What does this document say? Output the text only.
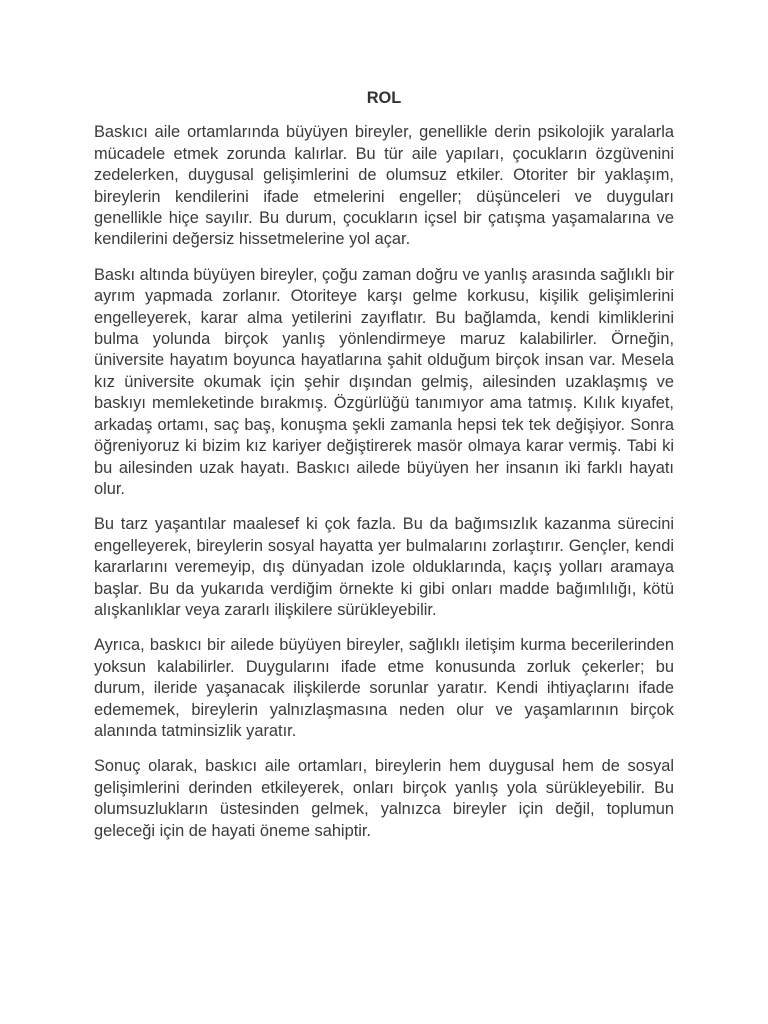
ROL

Baskıcı aile ortamlarında büyüyen bireyler, genellikle derin psikolojik yaralarla mücadele etmek zorunda kalırlar. Bu tür aile yapıları, çocukların özgüvenini zedelerken, duygusal gelişimlerini de olumsuz etkiler. Otoriter bir yaklaşım, bireylerin kendilerini ifade etmelerini engeller; düşünceleri ve duyguları genellikle hiçe sayılır. Bu durum, çocukların içsel bir çatışma yaşamalarına ve kendilerini değersiz hissetmelerine yol açar.

Baskı altında büyüyen bireyler, çoğu zaman doğru ve yanlış arasında sağlıklı bir ayrım yapmada zorlanır. Otoriteye karşı gelme korkusu, kişilik gelişimlerini engelleyerek, karar alma yetilerini zayıflatır. Bu bağlamda, kendi kimliklerini bulma yolunda birçok yanlış yönlendirmeye maruz kalabilirler. Örneğin, üniversite hayatım boyunca hayatlarına şahit olduğum birçok insan var. Mesela kız üniversite okumak için şehir dışından gelmiş, ailesinden uzaklaşmış ve baskıyı memleketinde bırakmış. Özgürlüğü tanımıyor ama tatmış. Kılık kıyafet, arkadaş ortamı, saç baş, konuşma şekli zamanla hepsi tek tek değişiyor. Sonra öğreniyoruz ki bizim kız kariyer değiştirerek masör olmaya karar vermiş. Tabi ki bu ailesinden uzak hayatı. Baskıcı ailede büyüyen her insanın iki farklı hayatı olur.

Bu tarz yaşantılar maalesef ki çok fazla. Bu da bağımsızlık kazanma sürecini engelleyerek, bireylerin sosyal hayatta yer bulmalarını zorlaştırır. Gençler, kendi kararlarını veremeyip, dış dünyadan izole olduklarında, kaçış yolları aramaya başlar. Bu da yukarıda verdiğim örnekte ki gibi onları madde bağımlılığı, kötü alışkanlıklar veya zararlı ilişkilere sürükleyebilir.

Ayrıca, baskıcı bir ailede büyüyen bireyler, sağlıklı iletişim kurma becerilerinden yoksun kalabilirler. Duygularını ifade etme konusunda zorluk çekerler; bu durum, ileride yaşanacak ilişkilerde sorunlar yaratır. Kendi ihtiyaçlarını ifade edememek, bireylerin yalnızlaşmasına neden olur ve yaşamlarının birçok alanında tatminsizlik yaratır.

Sonuç olarak, baskıcı aile ortamları, bireylerin hem duygusal hem de sosyal gelişimlerini derinden etkileyerek, onları birçok yanlış yola sürükleyebilir. Bu olumsuzlukların üstesinden gelmek, yalnızca bireyler için değil, toplumun geleceği için de hayati öneme sahiptir.
